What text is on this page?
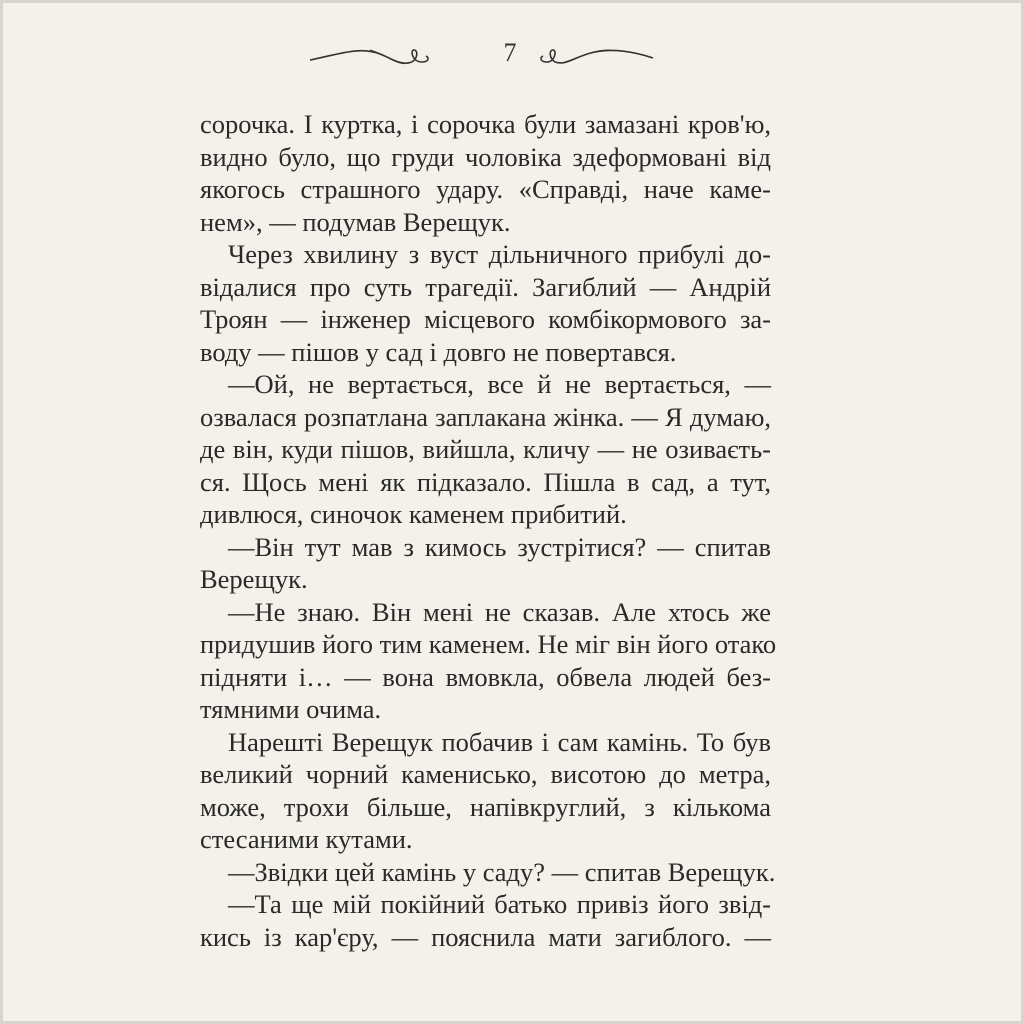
7
сорочка. І куртка, і сорочка були замазані кров'ю,
видно було, що груди чоловіка здеформовані від
якогось страшного удару. «Справді, наче каме-
нем», — подумав Верещук.
Через хвилину з вуст дільничного прибулі до-
відалися про суть трагедії. Загиблий — Андрій
Троян — інженер місцевого комбікормового за-
воду — пішов у сад і довго не повертався.
—Ой, не вертається, все й не вертається, —
озвалася розпатлана заплакана жінка. — Я думаю,
де він, куди пішов, вийшла, кличу — не озиваєть-
ся. Щось мені як підказало. Пішла в сад, а тут,
дивлюся, синочок каменем прибитий.
—Він тут мав з кимось зустрітися? — спитав
Верещук.
—Не знаю. Він мені не сказав. Але хтось же
придушив його тим каменем. Не міг він його отако
підняти і… — вона вмовкла, обвела людей без-
тямними очима.
Нарешті Верещук побачив і сам камінь. То був
великий чорний каменисько, висотою до метра,
може, трохи більше, напівкруглий, з кількома
стесаними кутами.
—Звідки цей камінь у саду? — спитав Верещук.
—Та ще мій покійний батько привіз його звід-
кись із кар'єру, — пояснила мати загиблого. —
